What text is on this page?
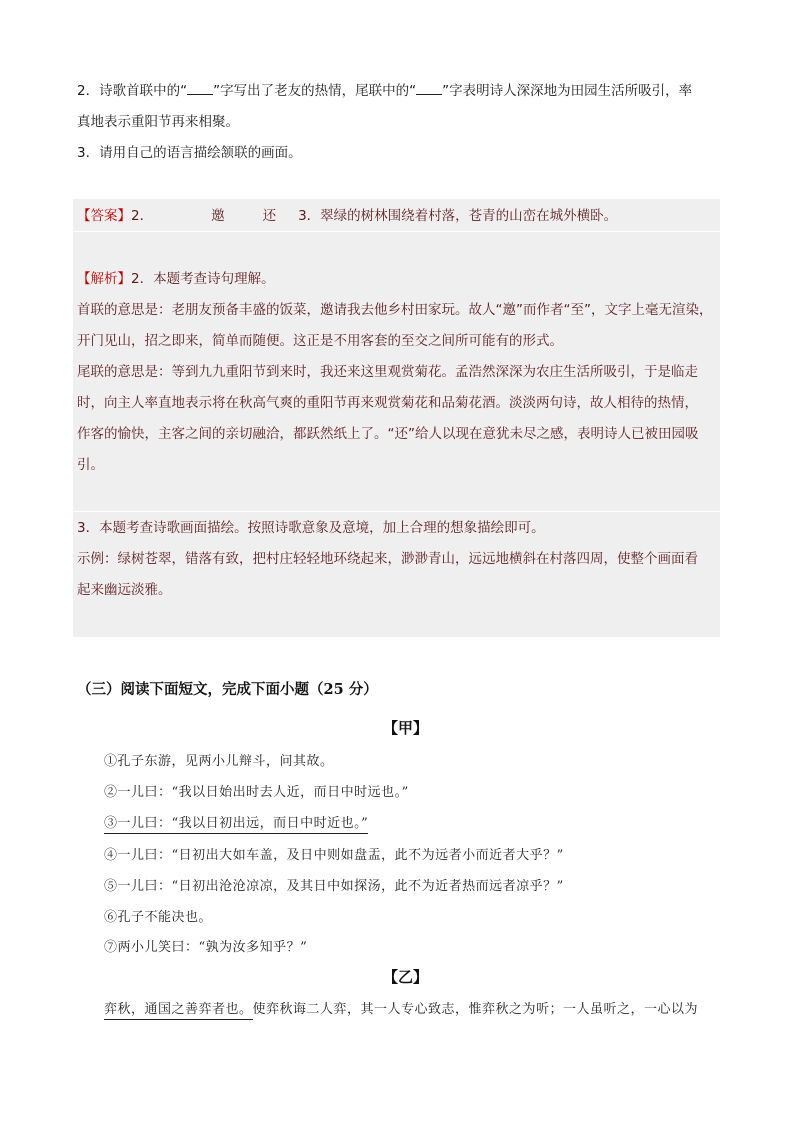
2．诗歌首联中的“ ”字写出了老友的热情，尾联中的“ ”字表明诗人深深地为田园生活所吸引，率

真地表示重阳节再来相聚。

3．请用自己的语言描绘颔联的画面。

【答案】2．	邀	还 3．翠绿的树林围绕着村落，苍青的山峦在城外横卧。

【解析】2．本题考查诗句理解。

首联的意思是：老朋友预备丰盛的饭菜，邀请我去他乡村田家玩。故人“邀”而作者“至”，文字上毫无渲染，

开门见山，招之即来，简单而随便。这正是不用客套的至交之间所可能有的形式。

尾联的意思是：等到九九重阳节到来时，我还来这里观赏菊花。孟浩然深深为农庄生活所吸引，于是临走

时，向主人率直地表示将在秋高气爽的重阳节再来观赏菊花和品菊花酒。淡淡两句诗，故人相待的热情，

作客的愉快，主客之间的亲切融洽，都跃然纸上了。“还”给人以现在意犹未尽之感，表明诗人已被田园吸

引。

3．本题考查诗歌画面描绘。按照诗歌意象及意境，加上合理的想象描绘即可。

示例：绿树苍翠，错落有致，把村庄轻轻地环绕起来，渺渺青山，远远地横斜在村落四周，使整个画面看

起来幽远淡雅。

（三）阅读下面短文，完成下面小题（25 分）
【甲】
①孔子东游，见两小儿辩斗，问其故。
②一儿曰：“我以日始出时去人近，而日中时远也。”
③一儿曰：“我以日初出远，而日中时近也。”
④一儿曰：“日初出大如车盖，及日中则如盘盂，此不为远者小而近者大乎？”
⑤一儿曰：“日初出沧沧凉凉，及其日中如探汤，此不为近者热而远者凉乎？”
⑥孔子不能决也。
⑦两小儿笑曰：“孰为汝多知乎？”
【乙】
弈秋，通国之善弈者也。使弈秋诲二人弈，其一人专心致志，惟弈秋之为听；一人虽听之，一心以为
